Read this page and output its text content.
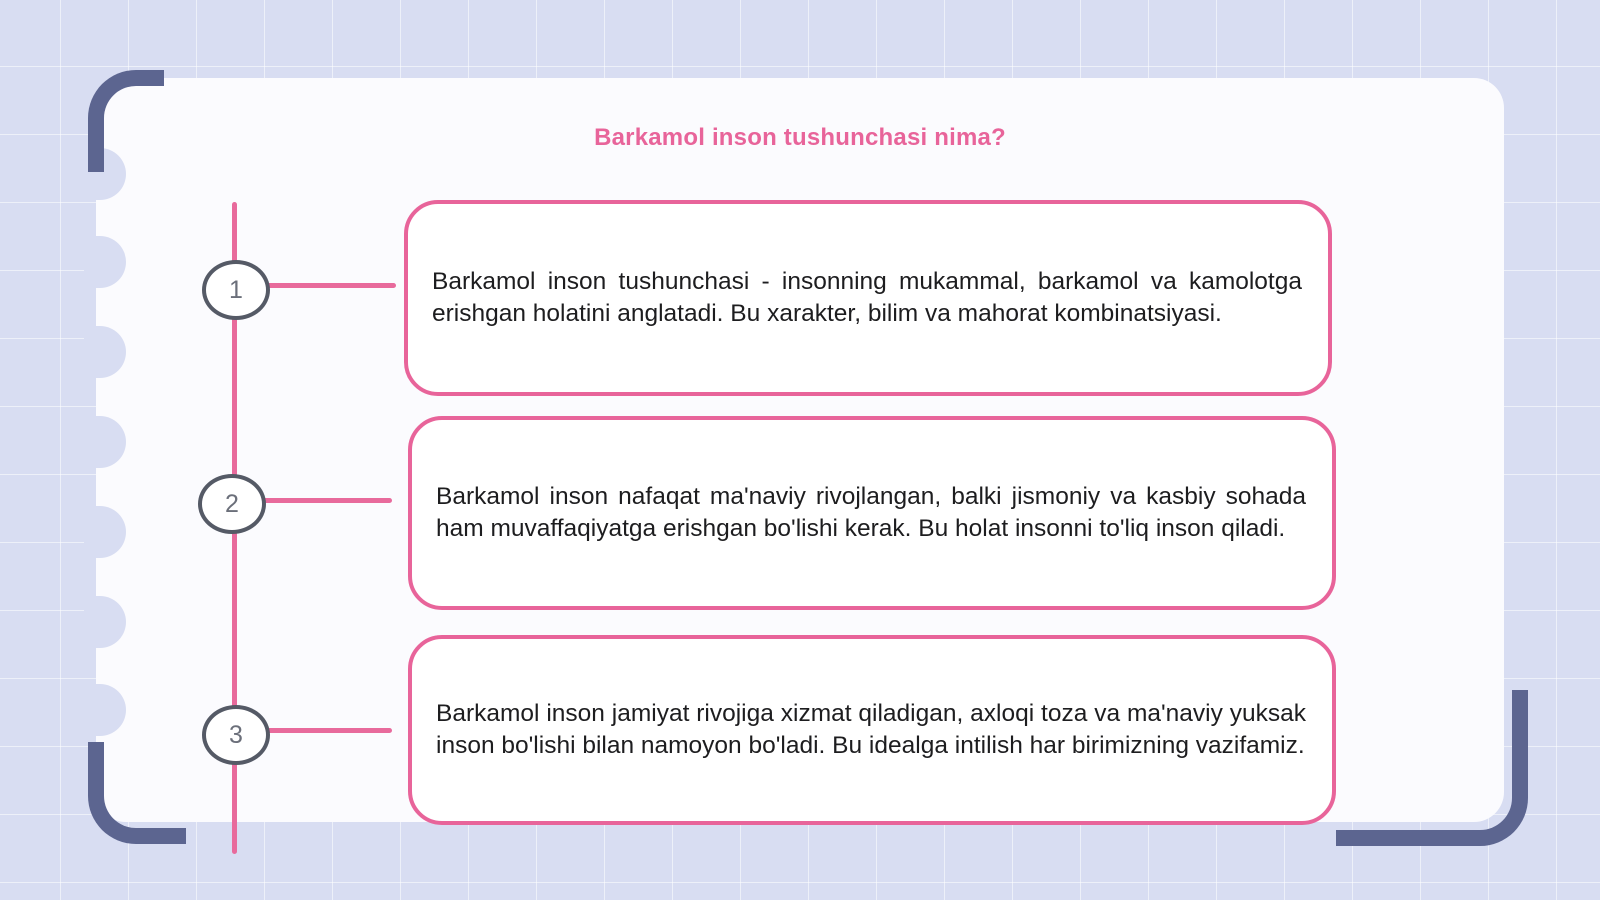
Barkamol inson tushunchasi nima?
1
2
3
Barkamol inson tushunchasi - insonning mukammal, barkamol va kamolotga erishgan holatini anglatadi. Bu xarakter, bilim va mahorat kombinatsiyasi.
Barkamol inson nafaqat ma'naviy rivojlangan, balki jismoniy va kasbiy sohada ham muvaffaqiyatga erishgan bo'lishi kerak. Bu holat insonni to'liq inson qiladi.
Barkamol inson jamiyat rivojiga xizmat qiladigan, axloqi toza va ma'naviy yuksak inson bo'lishi bilan namoyon bo'ladi. Bu idealga intilish har birimizning vazifamiz.
